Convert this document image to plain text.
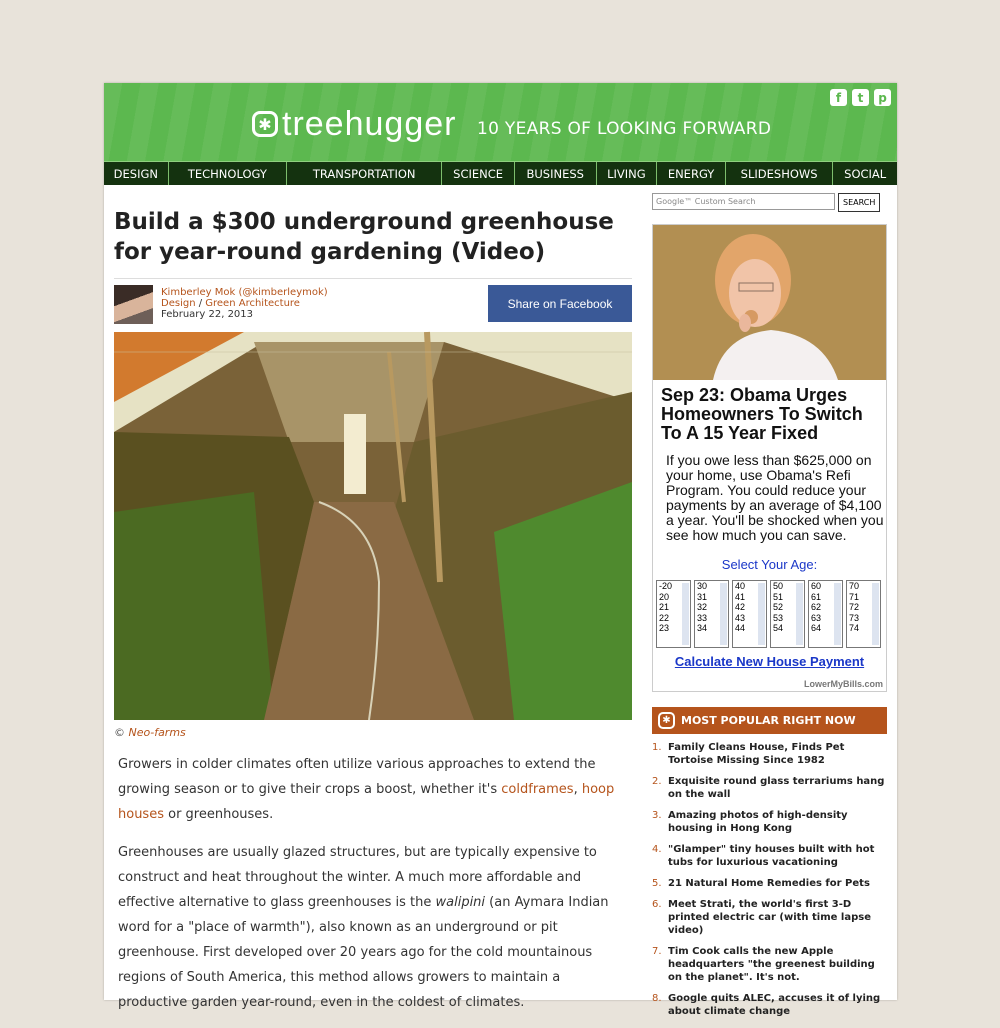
✱ treehugger 10 YEARS OF LOOKING FORWARD
f	t	p
DESIGN	TECHNOLOGY	TRANSPORTATION	SCIENCE	BUSINESS	LIVING	ENERGY	SLIDESHOWS	SOCIAL
Build a $300 underground greenhouse for year-round gardening (Video)
Kimberley Mok (@kimberleymok)
Design / Green Architecture
February 22, 2013
Share on Facebook
© Neo-farms

Growers in colder climates often utilize various approaches to extend the growing season or to give their crops a boost, whether it's coldframes, hoop houses or greenhouses.

Greenhouses are usually glazed structures, but are typically expensive to construct and heat throughout the winter. A much more affordable and effective alternative to glass greenhouses is the walipini (an Aymara Indian word for a "place of warmth"), also known as an underground or pit greenhouse. First developed over 20 years ago for the cold mountainous regions of South America, this method allows growers to maintain a productive garden year-round, even in the coldest of climates.

Google™ Custom Search	SEARCH
Sep 23: Obama Urges Homeowners To Switch To A 15 Year Fixed
If you owe less than $625,000 on your home, use Obama's Refi Program. You could reduce your payments by an average of $4,100 a year. You'll be shocked when you see how much you can save.
Select Your Age:
-20
20
21
22
23
30
31
32
33
34
40
41
42
43
44
50
51
52
53
54
60
61
62
63
64
70
71
72
73
74
Calculate New House Payment
LowerMyBills.com
✱ MOST POPULAR RIGHT NOW
1. Family Cleans House, Finds Pet Tortoise Missing Since 1982
2. Exquisite round glass terrariums hang on the wall
3. Amazing photos of high-density housing in Hong Kong
4. "Glamper" tiny houses built with hot tubs for luxurious vacationing
5. 21 Natural Home Remedies for Pets
6. Meet Strati, the world's first 3-D printed electric car (with time lapse video)
7. Tim Cook calls the new Apple headquarters "the greenest building on the planet". It's not.
8. Google quits ALEC, accuses it of lying about climate change
